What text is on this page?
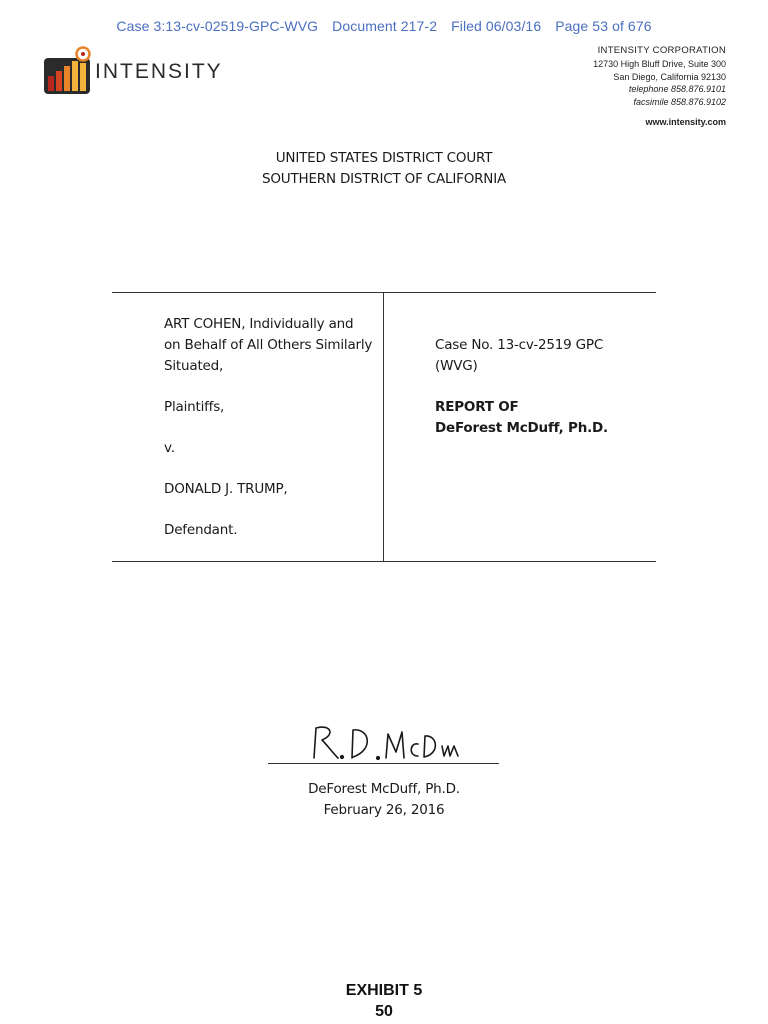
Case 3:13-cv-02519-GPC-WVG Document 217-2 Filed 06/03/16 Page 53 of 676
INTENSITY
INTENSITY CORPORATION
12730 High Bluff Drive, Suite 300
San Diego, California 92130
telephone 858.876.9101
facsimile 858.876.9102
www.intensity.com
UNITED STATES DISTRICT COURT
SOUTHERN DISTRICT OF CALIFORNIA

ART COHEN, Individually and

on Behalf of All Others Similarly

Situated,

Plaintiffs,

v.

DONALD J. TRUMP,

Defendant.

Case No. 13-cv-2519 GPC

(WVG)

REPORT OF

DeForest McDuff, Ph.D.

DeForest McDuff, Ph.D.
February 26, 2016
EXHIBIT 5
50
